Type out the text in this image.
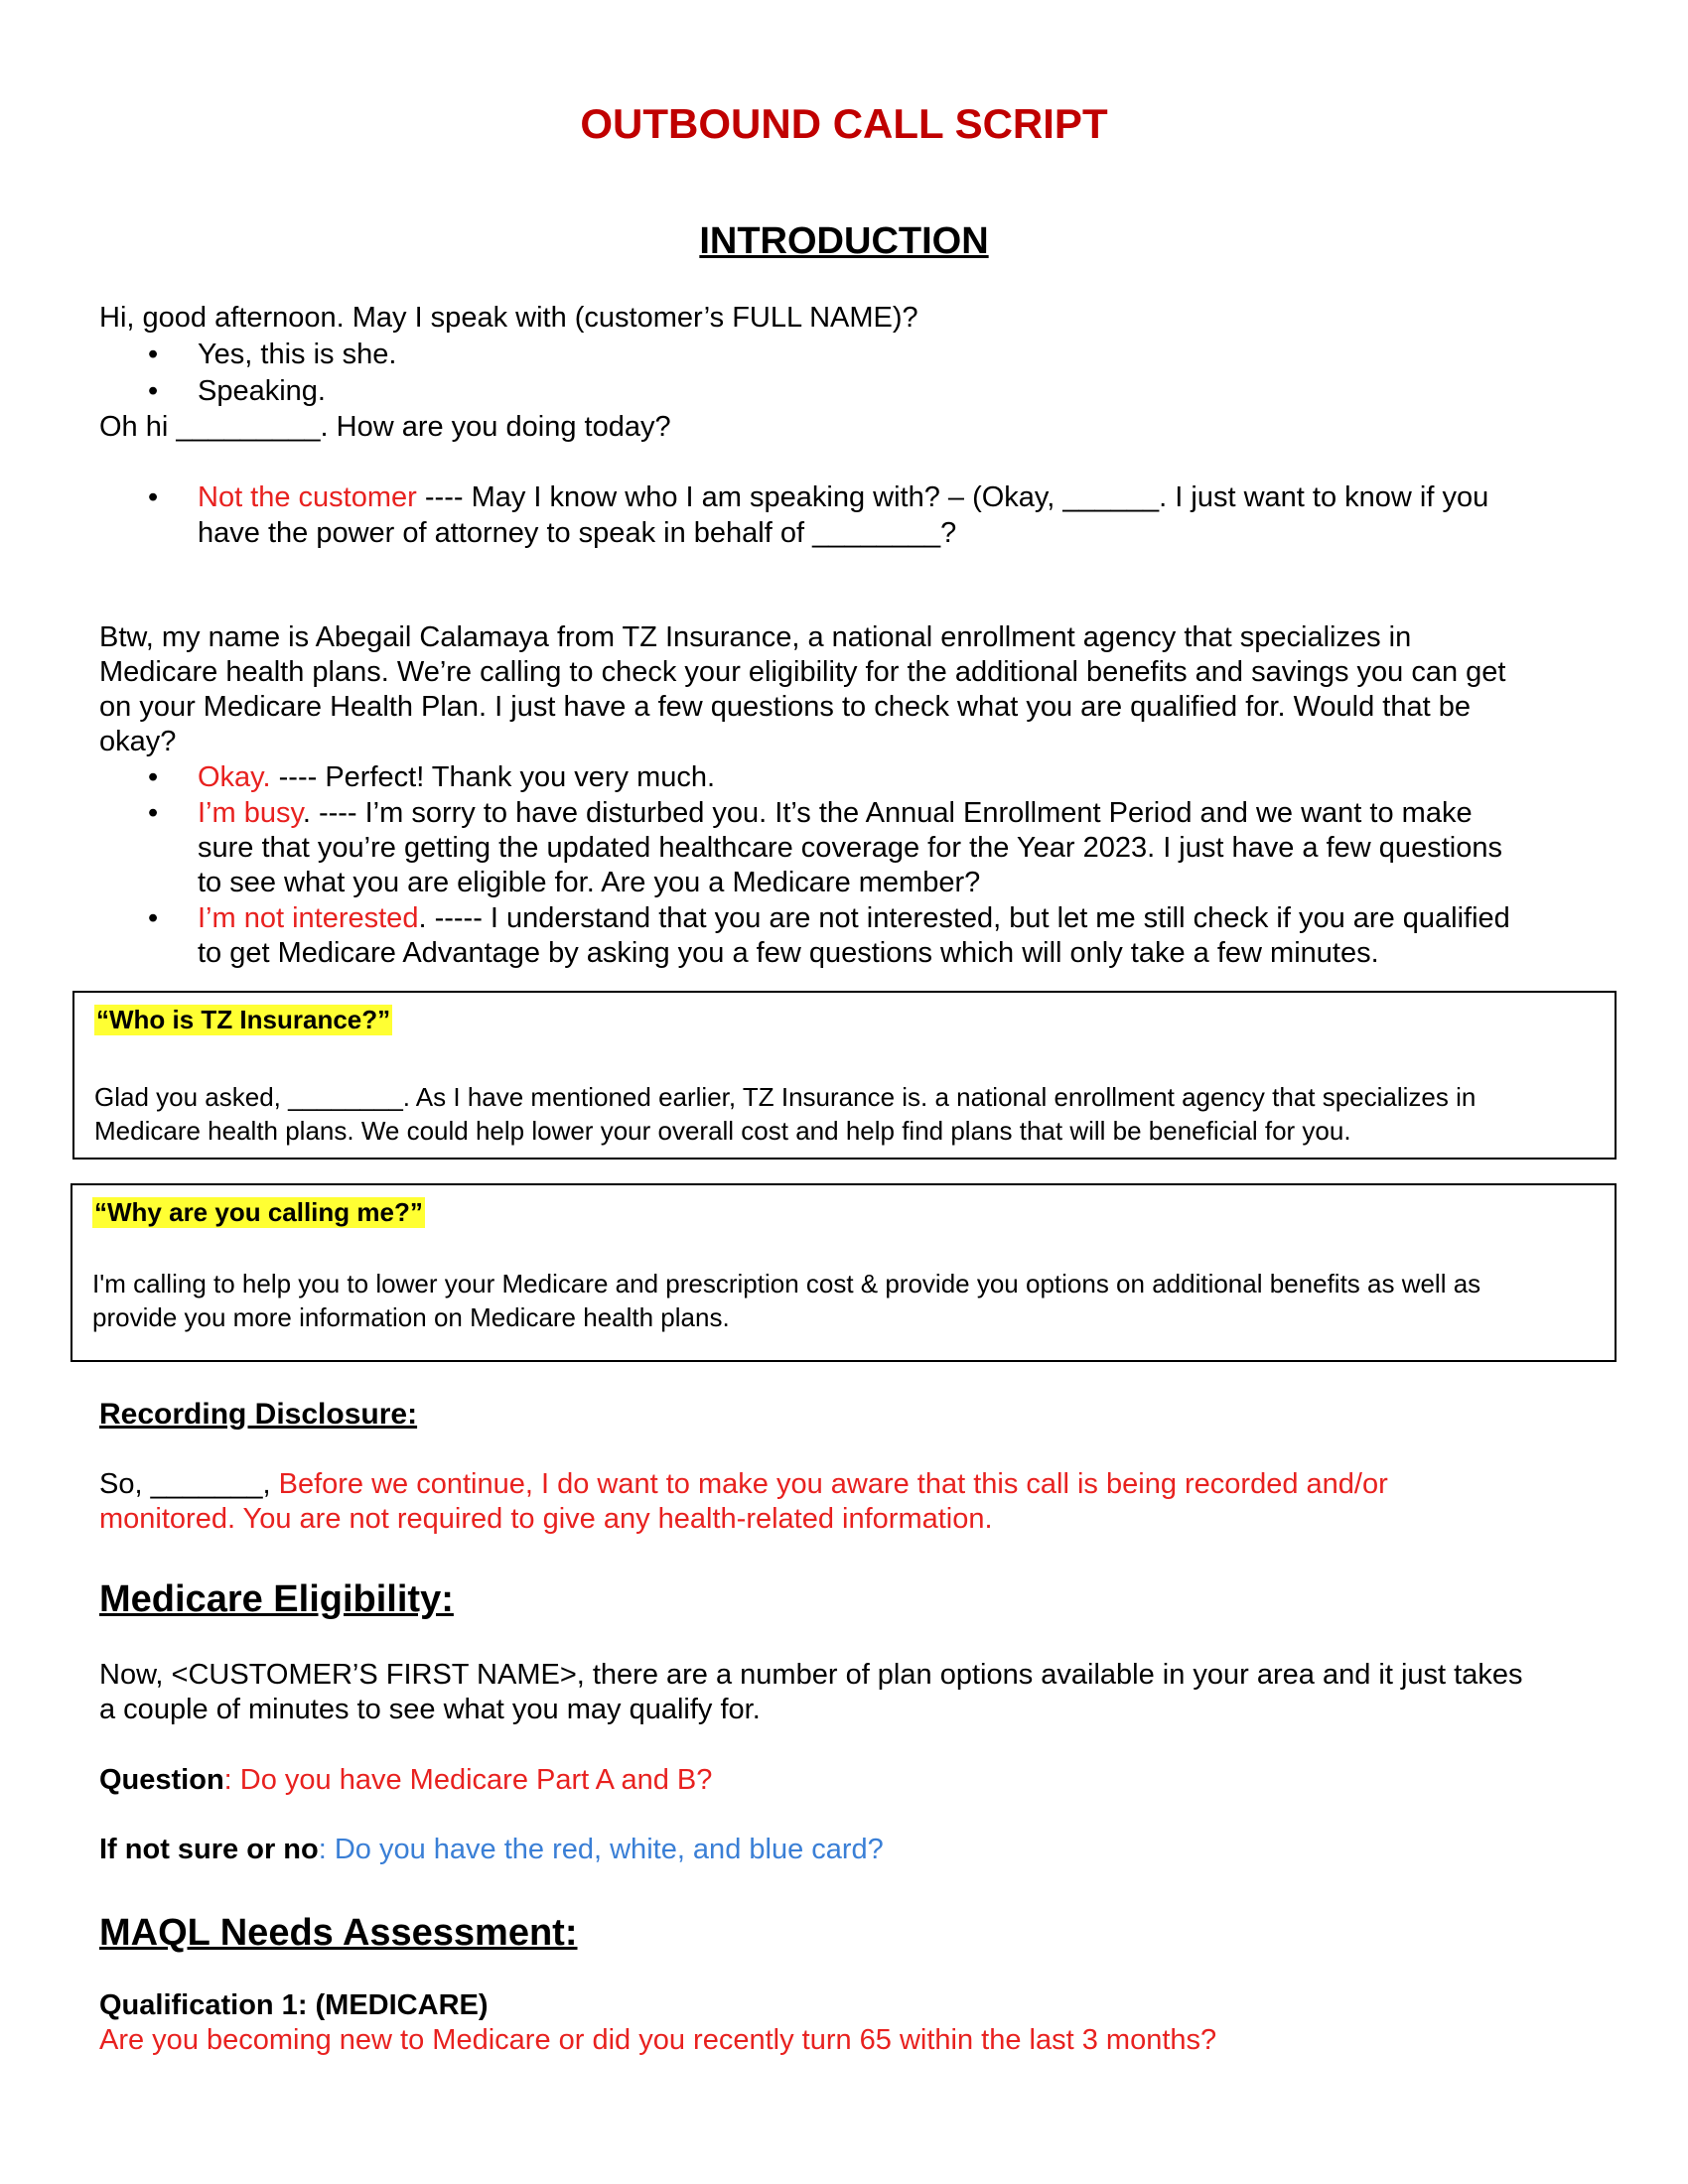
OUTBOUND CALL SCRIPT
INTRODUCTION
Hi, good afternoon. May I speak with (customer’s FULL NAME)?
• Yes, this is she.
• Speaking.
Oh hi _________. How are you doing today?
• Not the customer ---- May I know who I am speaking with? – (Okay, ______. I just want to know if you
have the power of attorney to speak in behalf of ________?
Btw, my name is Abegail Calamaya from TZ Insurance, a national enrollment agency that specializes in
Medicare health plans. We’re calling to check your eligibility for the additional benefits and savings you can get
on your Medicare Health Plan. I just have a few questions to check what you are qualified for. Would that be
okay?
• Okay. ---- Perfect! Thank you very much.
• I’m busy. ---- I’m sorry to have disturbed you. It’s the Annual Enrollment Period and we want to make
sure that you’re getting the updated healthcare coverage for the Year 2023. I just have a few questions
to see what you are eligible for. Are you a Medicare member?
• I’m not interested. ----- I understand that you are not interested, but let me still check if you are qualified
to get Medicare Advantage by asking you a few questions which will only take a few minutes.
“Who is TZ Insurance?”
Glad you asked, ________. As I have mentioned earlier, TZ Insurance is. a national enrollment agency that specializes in
Medicare health plans. We could help lower your overall cost and help find plans that will be beneficial for you.
“Why are you calling me?”
I'm calling to help you to lower your Medicare and prescription cost & provide you options on additional benefits as well as
provide you more information on Medicare health plans.
Recording Disclosure:
So, _______, Before we continue, I do want to make you aware that this call is being recorded and/or
monitored. You are not required to give any health-related information.
Medicare Eligibility:
Now, <CUSTOMER’S FIRST NAME>, there are a number of plan options available in your area and it just takes
a couple of minutes to see what you may qualify for.
Question: Do you have Medicare Part A and B?
If not sure or no: Do you have the red, white, and blue card?
MAQL Needs Assessment:
Qualification 1: (MEDICARE)
Are you becoming new to Medicare or did you recently turn 65 within the last 3 months?
